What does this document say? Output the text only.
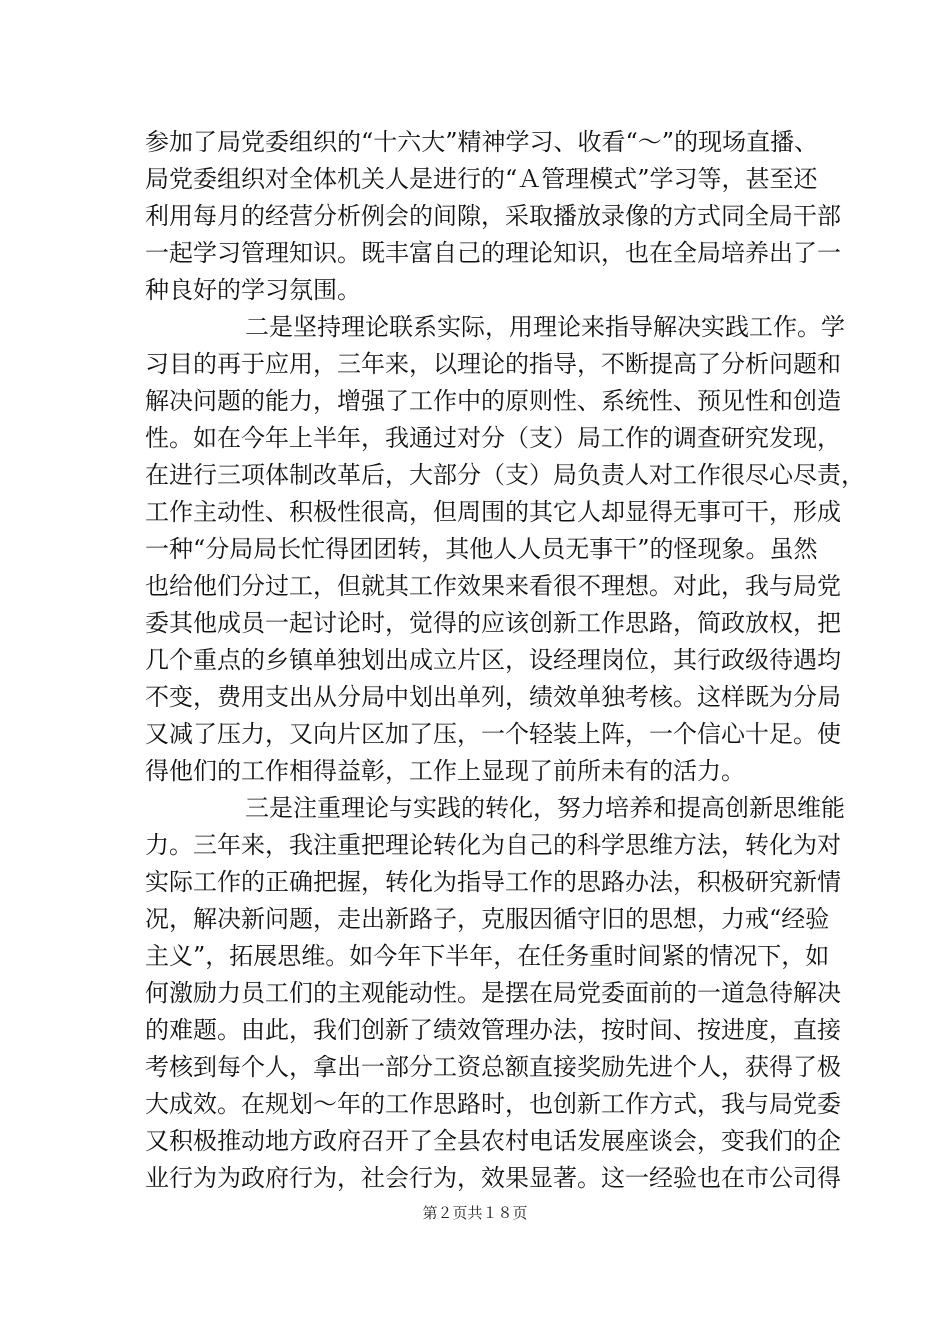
参加了局党委组织的“十六大”精神学习、收看“～”的现场直播、
局党委组织对全体机关人是进行的“Ａ管理模式”学习等，甚至还
利用每月的经营分析例会的间隙，采取播放录像的方式同全局干部
一起学习管理知识。既丰富自己的理论知识，也在全局培养出了一
种良好的学习氛围。
二是坚持理论联系实际，用理论来指导解决实践工作。学
习目的再于应用，三年来，以理论的指导，不断提高了分析问题和
解决问题的能力，增强了工作中的原则性、系统性、预见性和创造
性。如在今年上半年，我通过对分（支）局工作的调查研究发现，
在进行三项体制改革后，大部分（支）局负责人对工作很尽心尽责，
工作主动性、积极性很高，但周围的其它人却显得无事可干，形成
一种“分局局长忙得团团转，其他人人员无事干”的怪现象。虽然
也给他们分过工，但就其工作效果来看很不理想。对此，我与局党
委其他成员一起讨论时，觉得的应该创新工作思路，简政放权，把
几个重点的乡镇单独划出成立片区，设经理岗位，其行政级待遇均
不变，费用支出从分局中划出单列，绩效单独考核。这样既为分局
又减了压力，又向片区加了压，一个轻装上阵，一个信心十足。使
得他们的工作相得益彰，工作上显现了前所未有的活力。
三是注重理论与实践的转化，努力培养和提高创新思维能
力。三年来，我注重把理论转化为自己的科学思维方法，转化为对
实际工作的正确把握，转化为指导工作的思路办法，积极研究新情
况，解决新问题，走出新路子，克服因循守旧的思想，力戒“经验
主义”，拓展思维。如今年下半年，在任务重时间紧的情况下，如
何激励力员工们的主观能动性。是摆在局党委面前的一道急待解决
的难题。由此，我们创新了绩效管理办法，按时间、按进度，直接
考核到每个人，拿出一部分工资总额直接奖励先进个人，获得了极
大成效。在规划～年的工作思路时，也创新工作方式，我与局党委
又积极推动地方政府召开了全县农村电话发展座谈会，变我们的企
业行为为政府行为，社会行为，效果显著。这一经验也在市公司得
第２页共１８页
